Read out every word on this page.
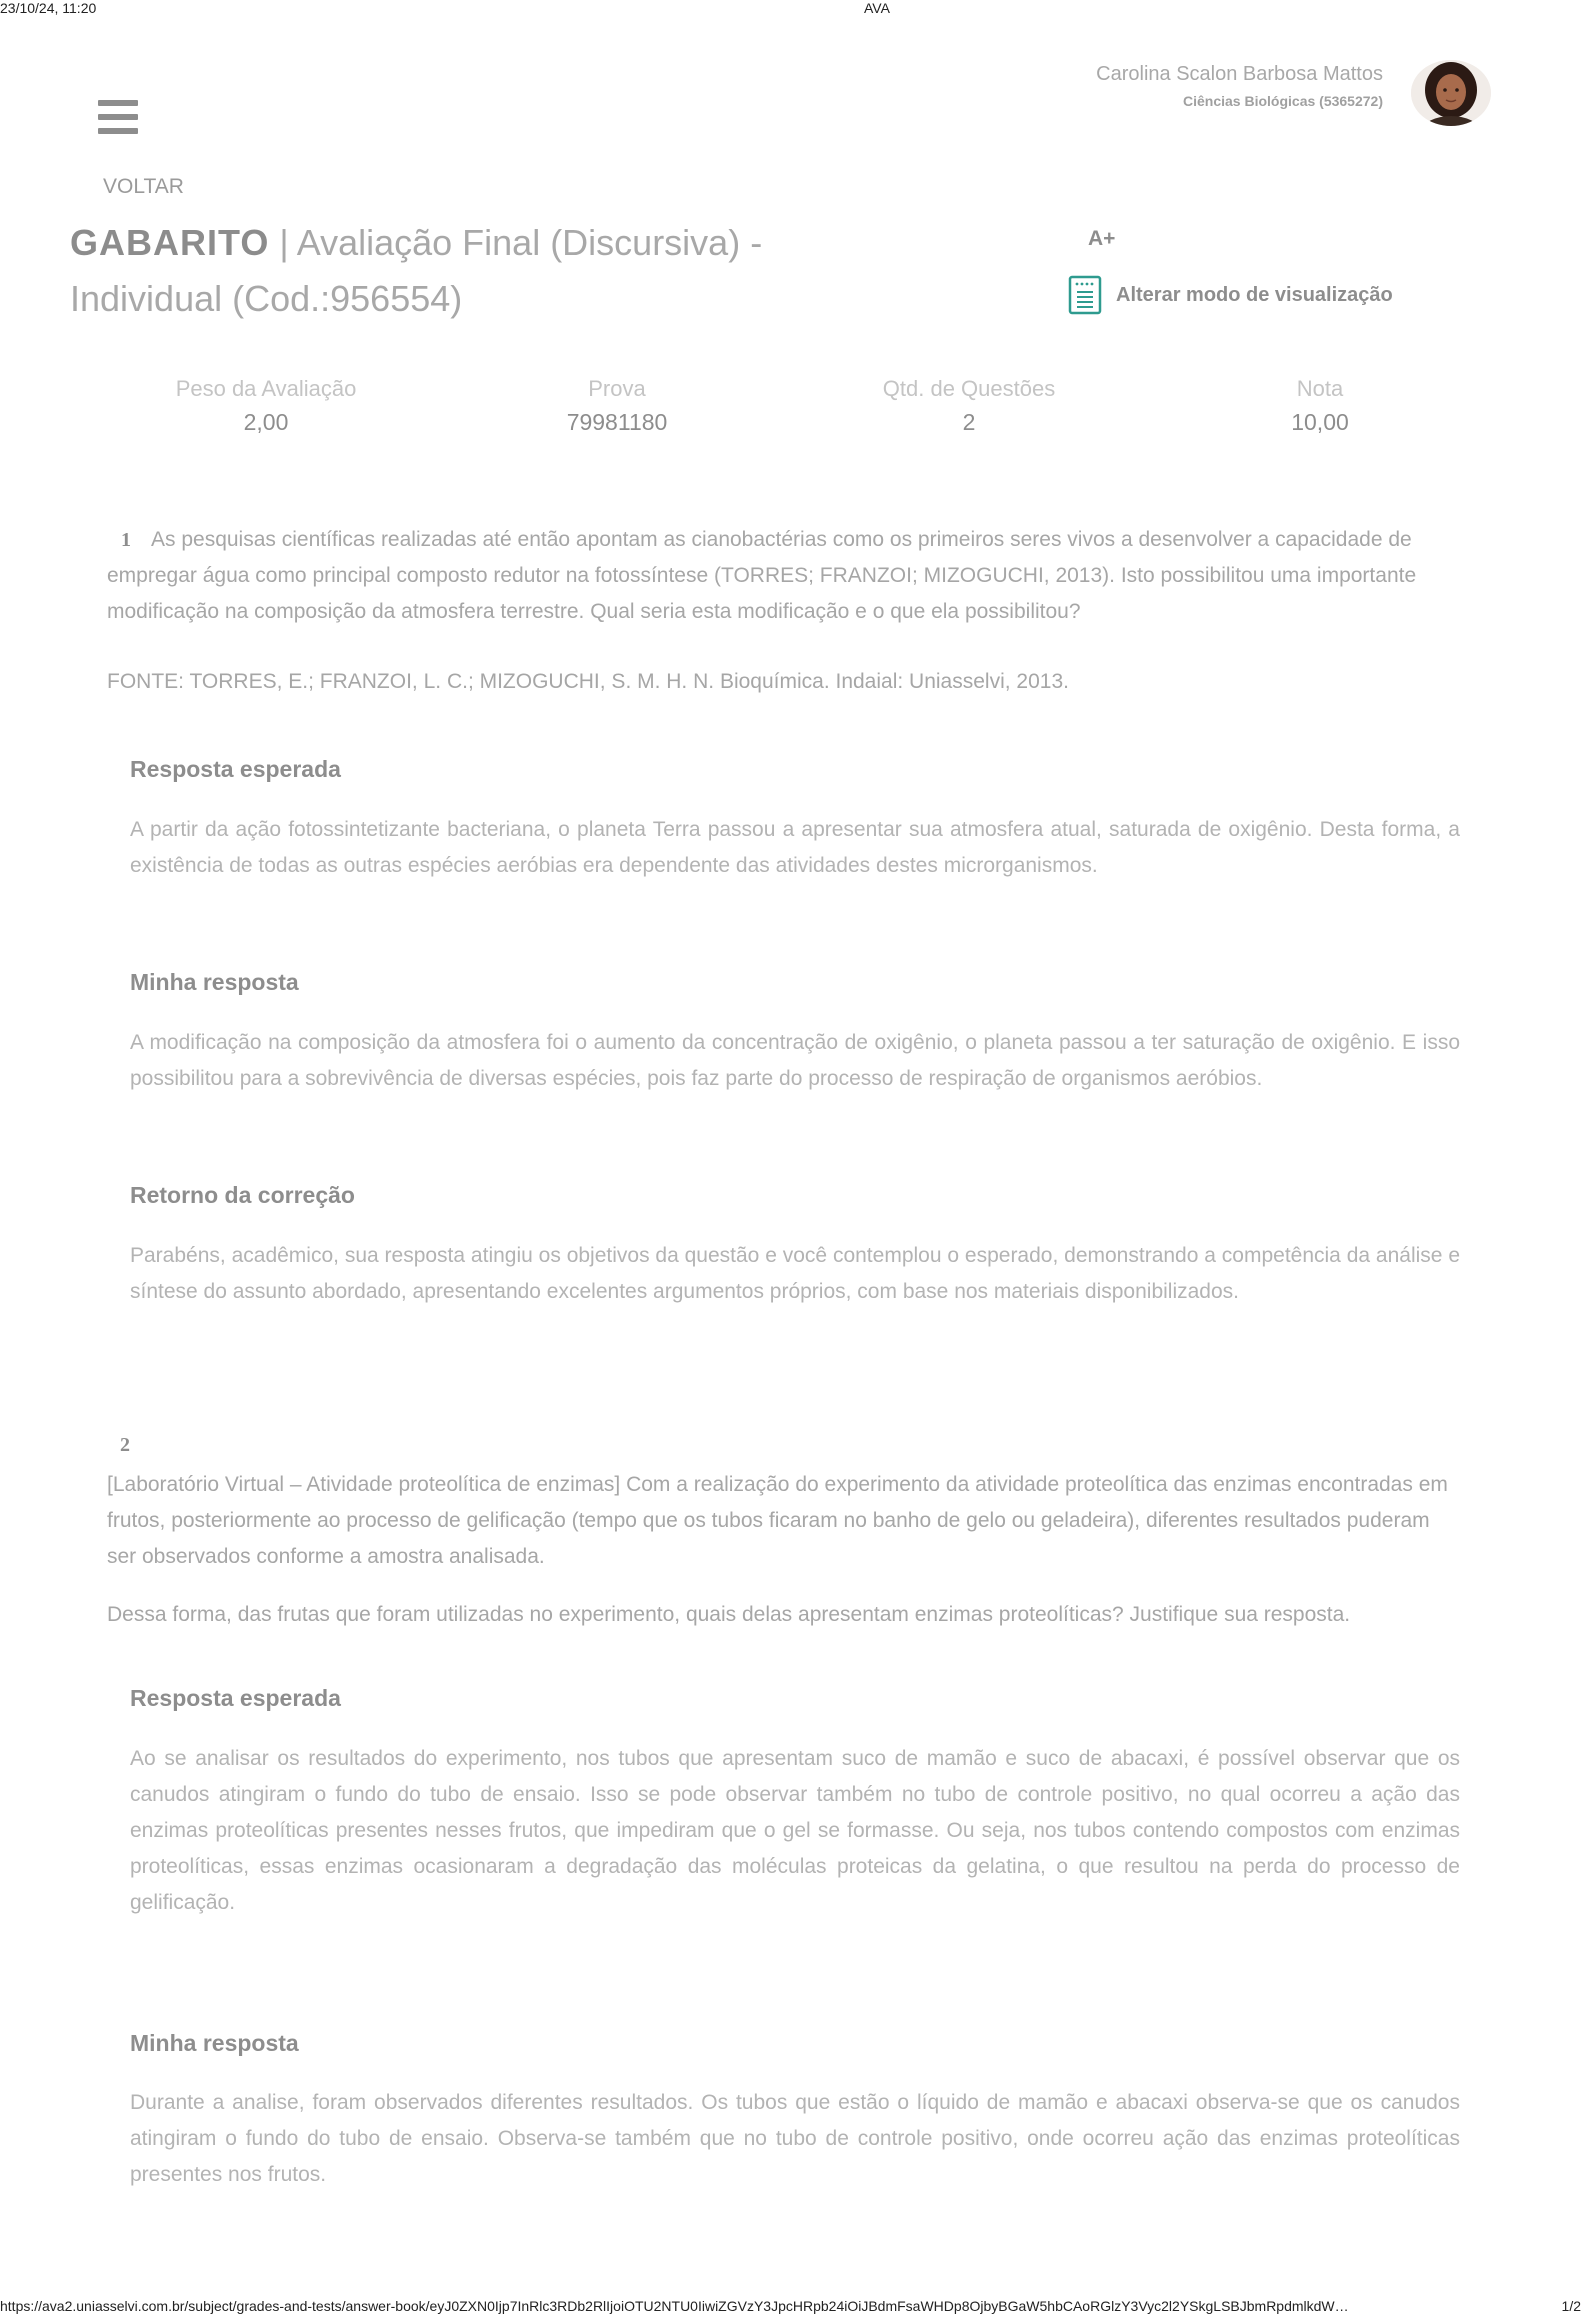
23/10/24, 11:20	AVA
Carolina Scalon Barbosa Mattos
Ciências Biológicas (5365272)
VOLTAR
GABARITO | Avaliação Final (Discursiva) - Individual (Cod.:956554)
A+
Alterar modo de visualização
Peso da Avaliação
2,00
Prova
79981180
Qtd. de Questões
2
Nota
10,00
1 As pesquisas científicas realizadas até então apontam as cianobactérias como os primeiros seres vivos a desenvolver a capacidade de empregar água como principal composto redutor na fotossíntese (TORRES; FRANZOI; MIZOGUCHI, 2013). Isto possibilitou uma importante modificação na composição da atmosfera terrestre. Qual seria esta modificação e o que ela possibilitou?
FONTE: TORRES, E.; FRANZOI, L. C.; MIZOGUCHI, S. M. H. N. Bioquímica. Indaial: Uniasselvi, 2013.
Resposta esperada
A partir da ação fotossintetizante bacteriana, o planeta Terra passou a apresentar sua atmosfera atual, saturada de oxigênio. Desta forma, a existência de todas as outras espécies aeróbias era dependente das atividades destes microrganismos.
Minha resposta
A modificação na composição da atmosfera foi o aumento da concentração de oxigênio, o planeta passou a ter saturação de oxigênio. E isso possibilitou para a sobrevivência de diversas espécies, pois faz parte do processo de respiração de organismos aeróbios.
Retorno da correção
Parabéns, acadêmico, sua resposta atingiu os objetivos da questão e você contemplou o esperado, demonstrando a competência da análise e síntese do assunto abordado, apresentando excelentes argumentos próprios, com base nos materiais disponibilizados.
2
[Laboratório Virtual – Atividade proteolítica de enzimas] Com a realização do experimento da atividade proteolítica das enzimas encontradas em frutos, posteriormente ao processo de gelificação (tempo que os tubos ficaram no banho de gelo ou geladeira), diferentes resultados puderam ser observados conforme a amostra analisada.
Dessa forma, das frutas que foram utilizadas no experimento, quais delas apresentam enzimas proteolíticas? Justifique sua resposta.
Resposta esperada
Ao se analisar os resultados do experimento, nos tubos que apresentam suco de mamão e suco de abacaxi, é possível observar que os canudos atingiram o fundo do tubo de ensaio. Isso se pode observar também no tubo de controle positivo, no qual ocorreu a ação das enzimas proteolíticas presentes nesses frutos, que impediram que o gel se formasse. Ou seja, nos tubos contendo compostos com enzimas proteolíticas, essas enzimas ocasionaram a degradação das moléculas proteicas da gelatina, o que resultou na perda do processo de gelificação.
Minha resposta
Durante a analise, foram observados diferentes resultados. Os tubos que estão o líquido de mamão e abacaxi observa-se que os canudos atingiram o fundo do tubo de ensaio. Observa-se também que no tubo de controle positivo, onde ocorreu ação das enzimas proteolíticas presentes nos frutos.
https://ava2.uniasselvi.com.br/subject/grades-and-tests/answer-book/eyJ0ZXN0Ijp7InRlc3RDb2RlIjoiOTU2NTU0IiwiZGVzY3JpcHRpb24iOiJBdmFsaWHDp8OjbyBGaW5hbCAoRGlzY3Vyc2l2YSkgLSBJbmRpdmlkdW…	1/2
